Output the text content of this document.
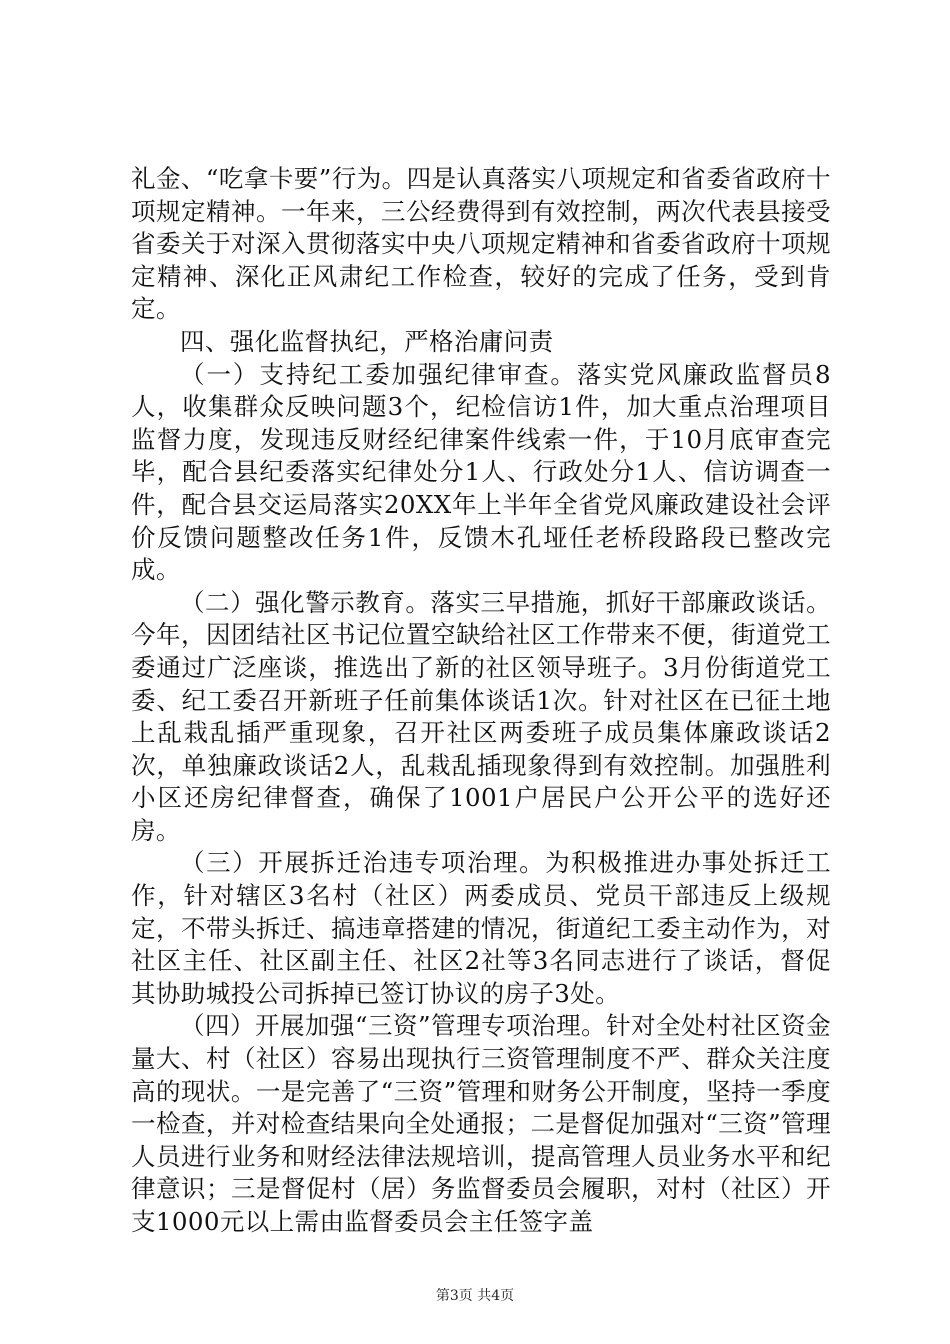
礼金、“吃拿卡要”行为。四是认真落实八项规定和省委省政府十项规定精神。一年来，三公经费得到有效控制，两次代表县接受省委关于对深入贯彻落实中央八项规定精神和省委省政府十项规定精神、深化正风肃纪工作检查，较好的完成了任务，受到肯定。

四、强化监督执纪，严格治庸问责

（一）支持纪工委加强纪律审查。落实党风廉政监督员8人，收集群众反映问题3个，纪检信访1件，加大重点治理项目监督力度，发现违反财经纪律案件线索一件，于10月底审查完毕，配合县纪委落实纪律处分1人、行政处分1人、信访调查一件，配合县交运局落实20XX年上半年全省党风廉政建设社会评价反馈问题整改任务1件，反馈木孔垭任老桥段路段已整改完成。

（二）强化警示教育。落实三早措施，抓好干部廉政谈话。今年，因团结社区书记位置空缺给社区工作带来不便，街道党工委通过广泛座谈，推选出了新的社区领导班子。3月份街道党工委、纪工委召开新班子任前集体谈话1次。针对社区在已征土地上乱栽乱插严重现象，召开社区两委班子成员集体廉政谈话2次，单独廉政谈话2人，乱栽乱插现象得到有效控制。加强胜利小区还房纪律督查，确保了1001户居民户公开公平的选好还房。

（三）开展拆迁治违专项治理。为积极推进办事处拆迁工作，针对辖区3名村（社区）两委成员、党员干部违反上级规定，不带头拆迁、搞违章搭建的情况，街道纪工委主动作为，对社区主任、社区副主任、社区2社等3名同志进行了谈话，督促其协助城投公司拆掉已签订协议的房子3处。

（四）开展加强“三资”管理专项治理。针对全处村社区资金量大、村（社区）容易出现执行三资管理制度不严、群众关注度高的现状。一是完善了“三资”管理和财务公开制度，坚持一季度一检查，并对检查结果向全处通报；二是督促加强对“三资”管理人员进行业务和财经法律法规培训，提高管理人员业务水平和纪律意识；三是督促村（居）务监督委员会履职，对村（社区）开支1000元以上需由监督委员会主任签字盖

第3页 共4页
